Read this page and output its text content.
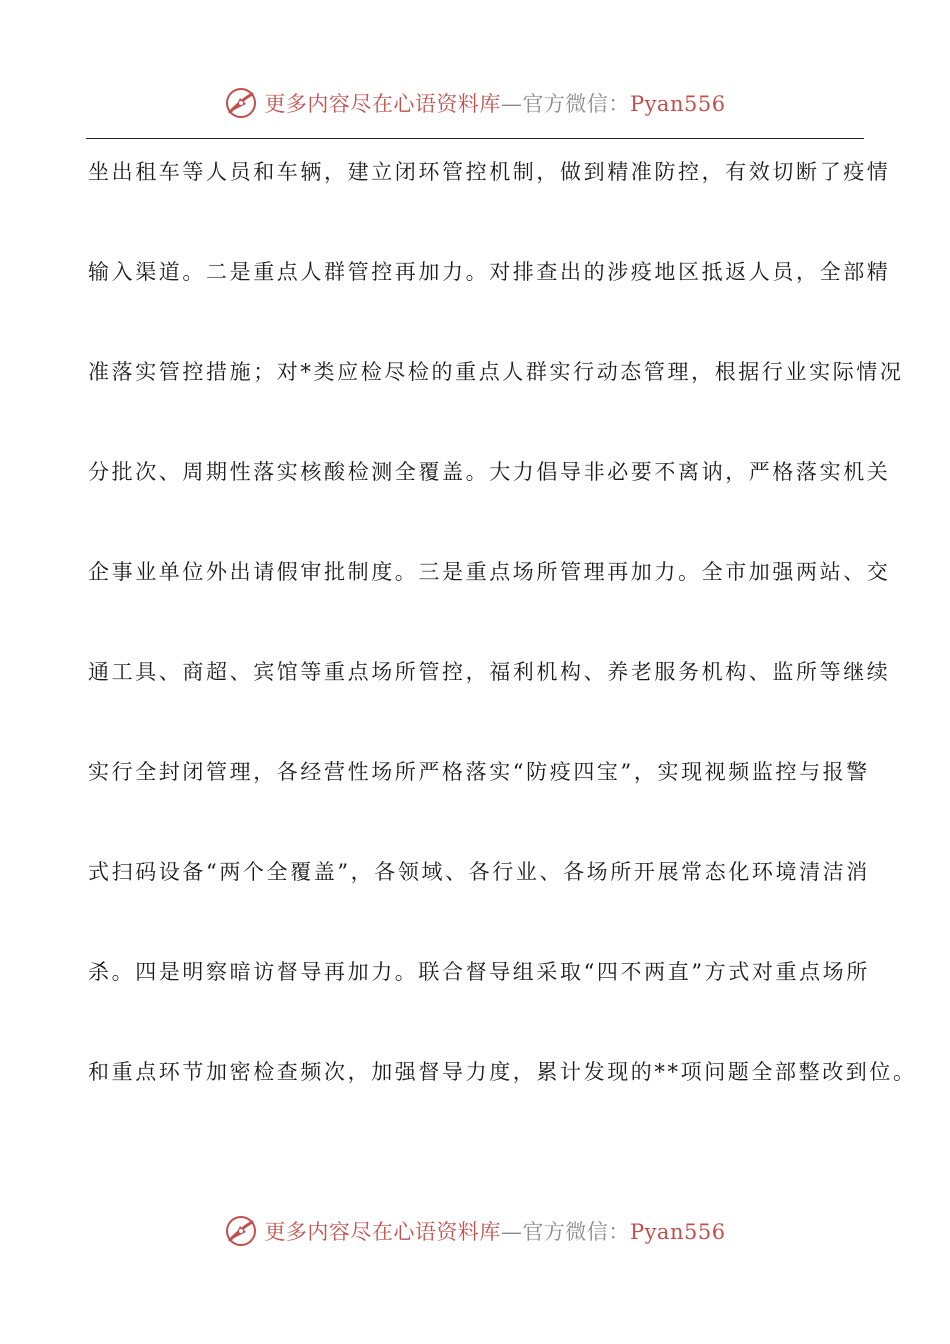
更多内容尽在心语资料库—官方微信：Pyan556
坐出租车等人员和车辆，建立闭环管控机制，做到精准防控，有效切断了疫情
输入渠道。二是重点人群管控再加力。对排查出的涉疫地区抵返人员，全部精
准落实管控措施；对*类应检尽检的重点人群实行动态管理，根据行业实际情况
分批次、周期性落实核酸检测全覆盖。大力倡导非必要不离讷，严格落实机关
企事业单位外出请假审批制度。三是重点场所管理再加力。全市加强两站、交
通工具、商超、宾馆等重点场所管控，福利机构、养老服务机构、监所等继续
实行全封闭管理，各经营性场所严格落实“防疫四宝”，实现视频监控与报警
式扫码设备“两个全覆盖”，各领域、各行业、各场所开展常态化环境清洁消
杀。四是明察暗访督导再加力。联合督导组采取“四不两直”方式对重点场所
和重点环节加密检查频次，加强督导力度，累计发现的**项问题全部整改到位。
更多内容尽在心语资料库—官方微信：Pyan556
